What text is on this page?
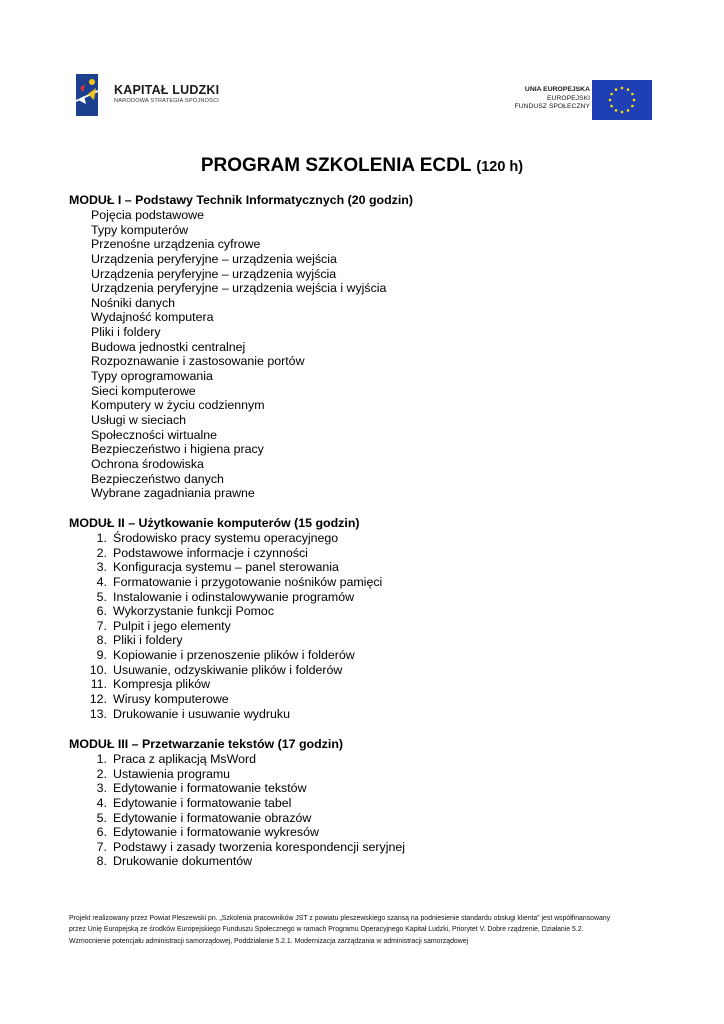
KAPITAŁ LUDZKI
NARODOWA STRATEGIA SPÓJNOŚCI
UNIA EUROPEJSKA
EUROPEJSKI
FUNDUSZ SPOŁECZNY
PROGRAM SZKOLENIA ECDL (120 h)
MODUŁ I – Podstawy Technik Informatycznych (20 godzin)
Pojęcia podstawowe
Typy komputerów
Przenośne urządzenia cyfrowe
Urządzenia peryferyjne – urządzenia wejścia
Urządzenia peryferyjne – urządzenia wyjścia
Urządzenia peryferyjne – urządzenia wejścia i wyjścia
Nośniki danych
Wydajność komputera
Pliki i foldery
Budowa jednostki centralnej
Rozpoznawanie i zastosowanie portów
Typy oprogramowania
Sieci komputerowe
Komputery w życiu codziennym
Usługi w sieciach
Społeczności wirtualne
Bezpieczeństwo i higiena pracy
Ochrona środowiska
Bezpieczeństwo danych
Wybrane zagadniania prawne
MODUŁ II – Użytkowanie komputerów (15 godzin)
1. Środowisko pracy systemu operacyjnego
2. Podstawowe informacje i czynności
3. Konfiguracja systemu – panel sterowania
4. Formatowanie i przygotowanie nośników pamięci
5. Instalowanie i odinstalowywanie programów
6. Wykorzystanie funkcji Pomoc
7. Pulpit i jego elementy
8. Pliki i foldery
9. Kopiowanie i przenoszenie plików i folderów
10. Usuwanie, odzyskiwanie plików i folderów
11. Kompresja plików
12. Wirusy komputerowe
13. Drukowanie i usuwanie wydruku
MODUŁ III – Przetwarzanie tekstów (17 godzin)
1. Praca z aplikacją MsWord
2. Ustawienia programu
3. Edytowanie i formatowanie tekstów
4. Edytowanie i formatowanie tabel
5. Edytowanie i formatowanie obrazów
6. Edytowanie i formatowanie wykresów
7. Podstawy i zasady tworzenia korespondencji seryjnej
8. Drukowanie dokumentów
Projekt realizowany przez Powiat Pleszewski pn. „Szkolenia pracowników JST z powiatu pleszewskiego szansą na podniesienie standardu obsługi klienta” jest współfinansowany
przez Unię Europejską ze środków Europejskiego Funduszu Społecznego w ramach Programu Operacyjnego Kapitał Ludzki, Priorytet V. Dobre rządzenie, Działanie 5.2.
Wzmocnienie potencjału administracji samorządowej, Poddziałanie 5.2.1. Modernizacja zarządzania w administracji samorządowej
